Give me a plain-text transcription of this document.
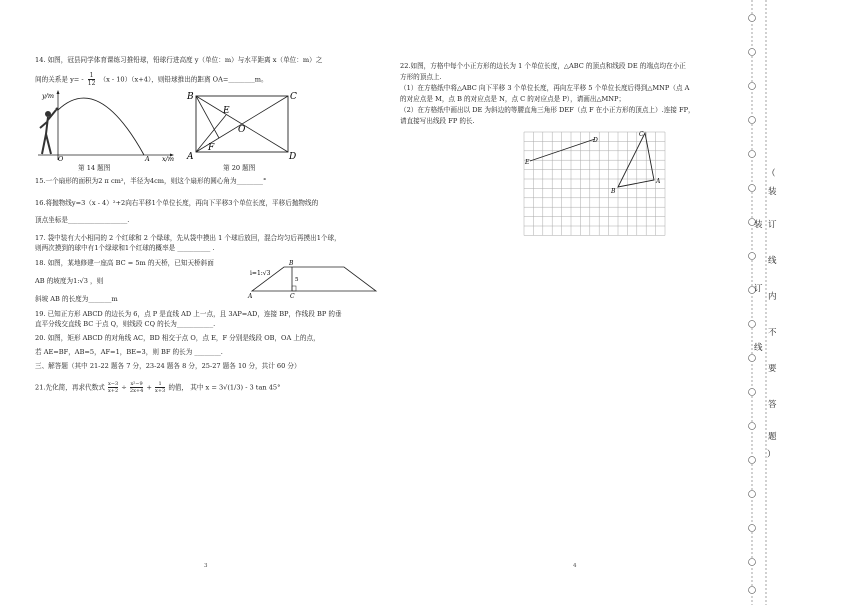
14. 如图，冠县同学体育课练习推铅球，铅球行进高度 y（单位：m）与水平距离 x（单位：m）之
间的关系是 $y= - \frac{1}{12} (x - 10)(x+4)$，则铅球推出的距离 OA=________m。
y/m
x/m
O	A
第 14 题图
B	C
A	D
E
O
F
第 20 题图
15.一个扇形的面积为2 π cm²，半径为4cm，则这个扇形的圆心角为________°
16.将抛物线y=3（x - 4）²+2向右平移1个单位长度，再向下平移3个单位长度，平移后抛物线的
顶点坐标是__________________.
17. 袋中装有大小相同的 2 个红球和 2 个绿球，先从袋中摸出 1 个球后放回，混合均匀后再摸出1个球，
则两次摸到的球中有1个绿球和1个红球的概率是 __________ .
18. 如图，某地修建一座高 BC = 5m 的天桥，已知天桥斜面
AB 的坡度为1:√3 ，则
斜坡 AB 的长度为_______m
i=1:√3
B
A	C
5
19. 已知正方形 ABCD 的边长为 6，点 P 是直线 AD 上一点，且 3AP=AD，连接 BP，作线段 BP 的垂
直平分线交直线 BC 于点 Q，则线段 CQ 的长为___________.
20. 如图，矩形 ABCD 的对角线 AC，BD 相交于点 O，点 E，F 分别是线段 OB，OA 上的点，
若 AE=BF，AB=5，AF=1，BE=3，则 BF 的长为 ________.
三、解答题（其中 21-22 题各 7 分，23-24 题各 8 分，25-27 题各 10 分，共计 60 分）
21.先化简，再求代数式 $\frac{x-3}{x+2} \div \frac{\text{x²−9}}{2x+4} + \frac{1}{x+3}$ 的值， 其中 x = 3√(1/3) - 3 tan 45°
3
22.如图，方格中每个小正方形的边长为 1 个单位长度，△ABC 的顶点和线段 DE 的端点均在小正
方形的顶点上.
（1）在方格纸中将△ABC 向下平移 3 个单位长度，再向左平移 5 个单位长度后得到△MNP（点 A
的对应点是 M，点 B 的对应点是 N，点 C 的对应点是 P），请画出△MNP；
（2）在方格纸中画出以 DE 为斜边的等腰直角三角形 DEF（点 F 在小正方形的顶点上）.连接 FP，
请直接写出线段 FP 的长.
D
E
C
A
B
4
（
装
订
线
内
不
要
答
题
）
装
订
线
